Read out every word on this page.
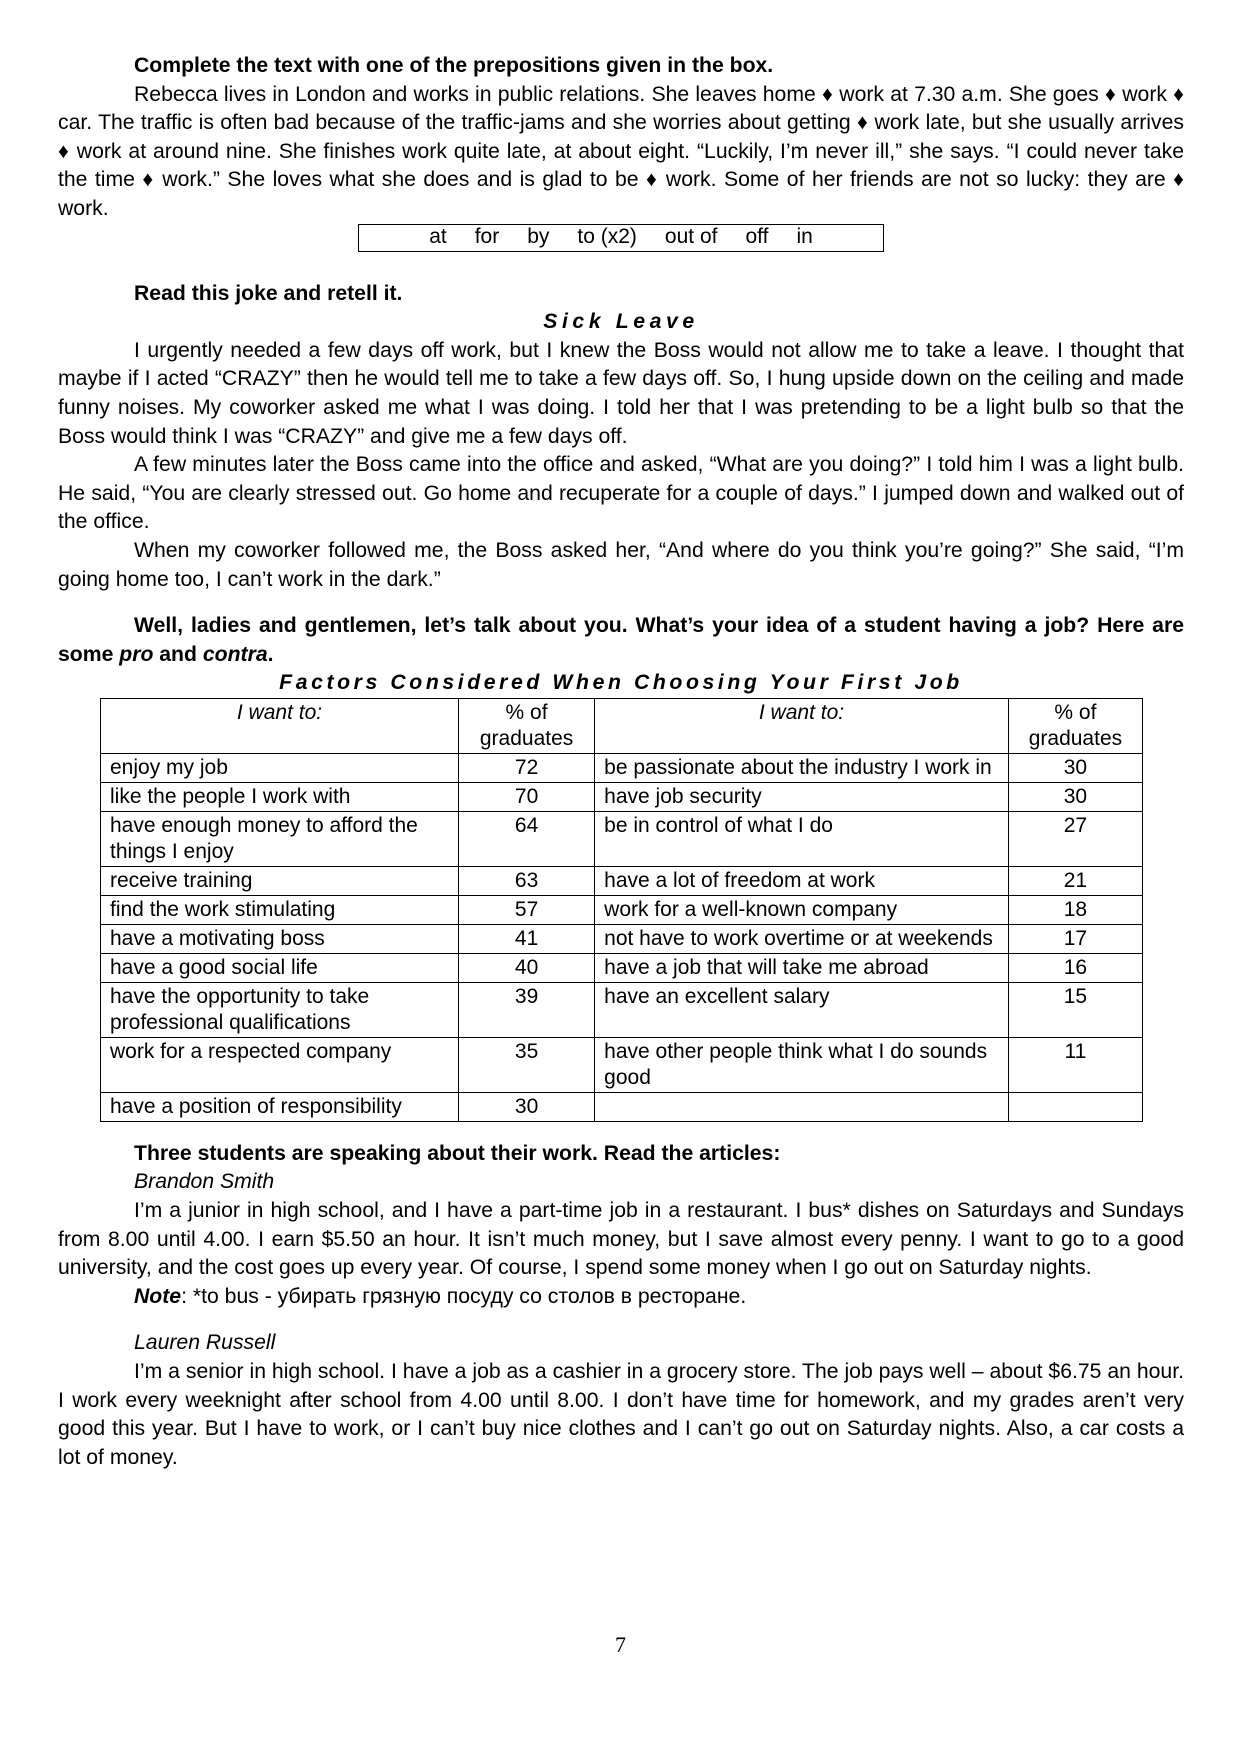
Complete the text with one of the prepositions given in the box.

Rebecca lives in London and works in public relations. She leaves home ♦ work at 7.30 a.m. She goes ♦ work ♦ car. The traffic is often bad because of the traffic-jams and she worries about getting ♦ work late, but she usually arrives ♦ work at around nine. She finishes work quite late, at about eight. “Luckily, I’m never ill,” she says. “I could never take the time ♦ work.” She loves what she does and is glad to be ♦ work. Some of her friends are not so lucky: they are ♦ work.

at for by to (x2) out of off in

Read this joke and retell it.

Sick Leave

I urgently needed a few days off work, but I knew the Boss would not allow me to take a leave. I thought that maybe if I acted “CRAZY” then he would tell me to take a few days off. So, I hung upside down on the ceiling and made funny noises. My coworker asked me what I was doing. I told her that I was pretending to be a light bulb so that the Boss would think I was “CRAZY” and give me a few days off.

A few minutes later the Boss came into the office and asked, “What are you doing?” I told him I was a light bulb. He said, “You are clearly stressed out. Go home and recuperate for a couple of days.” I jumped down and walked out of the office.

When my coworker followed me, the Boss asked her, “And where do you think you’re going?” She said, “I’m going home too, I can’t work in the dark.”

Well, ladies and gentlemen, let’s talk about you. What’s your idea of a student having a job? Here are some pro and contra.

Factors Considered When Choosing Your First Job

I want to:	% of graduates	I want to:	% of graduates
enjoy my job	72	be passionate about the industry I work in	30
like the people I work with	70	have job security	30
have enough money to afford the things I enjoy	64	be in control of what I do	27
receive training	63	have a lot of freedom at work	21
find the work stimulating	57	work for a well-known company	18
have a motivating boss	41	not have to work overtime or at weekends	17
have a good social life	40	have a job that will take me abroad	16
have the opportunity to take professional qualifications	39	have an excellent salary	15
work for a respected company	35	have other people think what I do sounds good	11
have a position of responsibility	30		

Three students are speaking about their work. Read the articles:

Brandon Smith

I’m a junior in high school, and I have a part-time job in a restaurant. I bus* dishes on Saturdays and Sundays from 8.00 until 4.00. I earn $5.50 an hour. It isn’t much money, but I save almost every penny. I want to go to a good university, and the cost goes up every year. Of course, I spend some money when I go out on Saturday nights.

Note: *to bus - убирать грязную посуду со столов в ресторане.

Lauren Russell

I’m a senior in high school. I have a job as a cashier in a grocery store. The job pays well – about $6.75 an hour. I work every weeknight after school from 4.00 until 8.00. I don’t have time for homework, and my grades aren’t very good this year. But I have to work, or I can’t buy nice clothes and I can’t go out on Saturday nights. Also, a car costs a lot of money.

7
